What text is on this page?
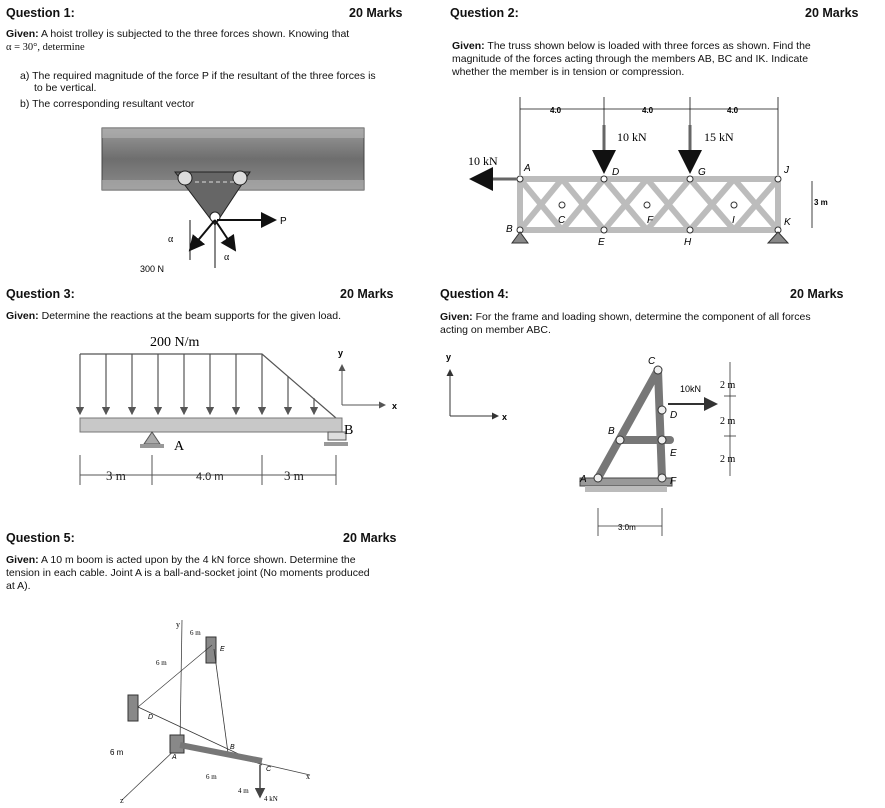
Question 1:	20 Marks
Given: A hoist trolley is subjected to the three forces shown. Knowing that
α = 30°, determine
a) The required magnitude of the force P if the resultant of the three forces is
to be vertical.
b) The corresponding resultant vector
P
α
α
300 N
Question 2:	20 Marks
Given: The truss shown below is loaded with three forces as shown. Find the
magnitude of the forces acting through the members AB, BC and IK. Indicate
whether the member is in tension or compression.
4.0	4.0	4.0
10 kN	15 kN
10 kN
3 m
A
B
C
D
E
F
G
H
I
J
K
Question 3:	20 Marks
Given: Determine the reactions at the beam supports for the given load.
200 N/m
A
B
3 m	4.0 m	3 m
y
x
Question 4:	20 Marks
Given: For the frame and loading shown, determine the component of all forces
acting on member ABC.
y
x
10kN
A
B
C
D
E
F
2 m
2 m
2 m
3.0m
Question 5:	20 Marks
Given: A 10 m boom is acted upon by the 4 kN force shown. Determine the
tension in each cable. Joint A is a ball-and-socket joint (No moments produced
at A).
y
z
x
A
B
C
D
E
6 m
6 m
6 m
6 m
4 m
4 kN
